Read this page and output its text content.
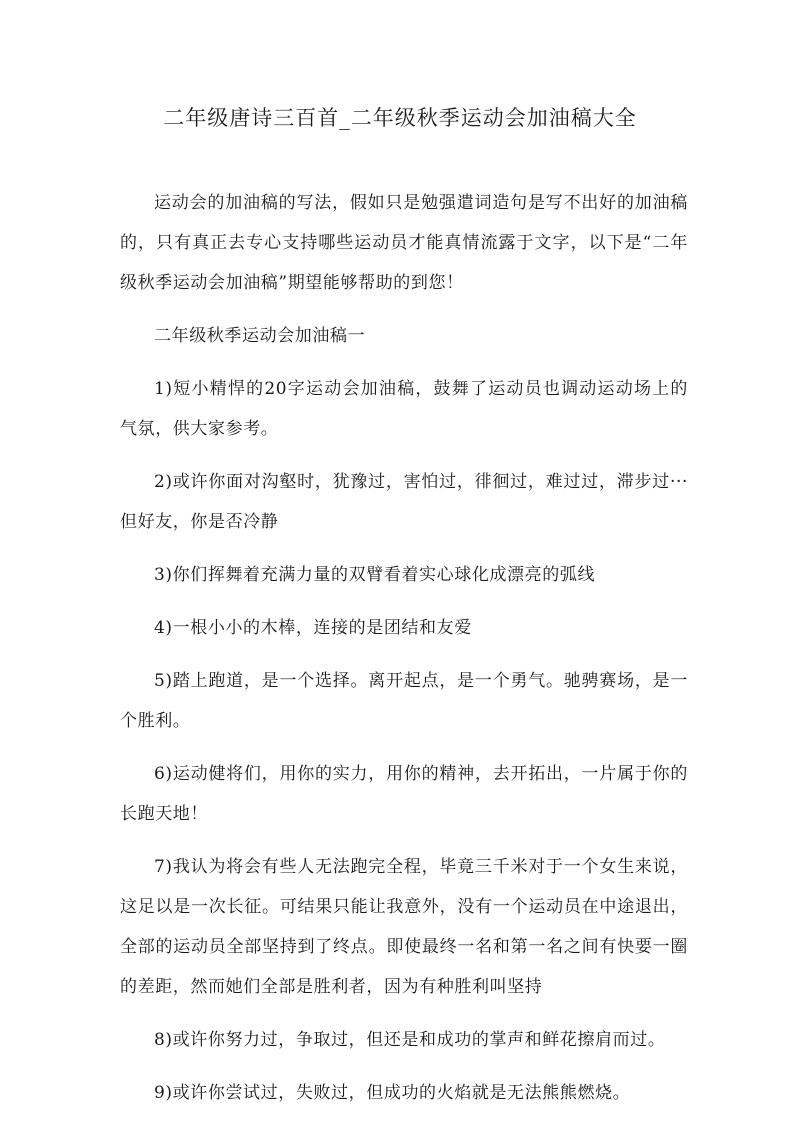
二年级唐诗三百首_二年级秋季运动会加油稿大全

运动会的加油稿的写法，假如只是勉强遣词造句是写不出好的加油稿的，只有真正去专心支持哪些运动员才能真情流露于文字，以下是“二年级秋季运动会加油稿”期望能够帮助的到您！

二年级秋季运动会加油稿一

1)短小精悍的20字运动会加油稿，鼓舞了运动员也调动运动场上的气氛，供大家参考。

2)或许你面对沟壑时，犹豫过，害怕过，徘徊过，难过过，滞步过···但好友，你是否冷静

3)你们挥舞着充满力量的双臂看着实心球化成漂亮的弧线

4)一根小小的木棒，连接的是团结和友爱

5)踏上跑道，是一个选择。离开起点，是一个勇气。驰骋赛场，是一个胜利。

6)运动健将们，用你的实力，用你的精神，去开拓出，一片属于你的长跑天地！

7)我认为将会有些人无法跑完全程，毕竟三千米对于一个女生来说，这足以是一次长征。可结果只能让我意外，没有一个运动员在中途退出，全部的运动员全部坚持到了终点。即使最终一名和第一名之间有快要一圈的差距，然而她们全部是胜利者，因为有种胜利叫坚持

8)或许你努力过，争取过，但还是和成功的掌声和鲜花擦肩而过。

9)或许你尝试过，失败过，但成功的火焰就是无法熊熊燃烧。
